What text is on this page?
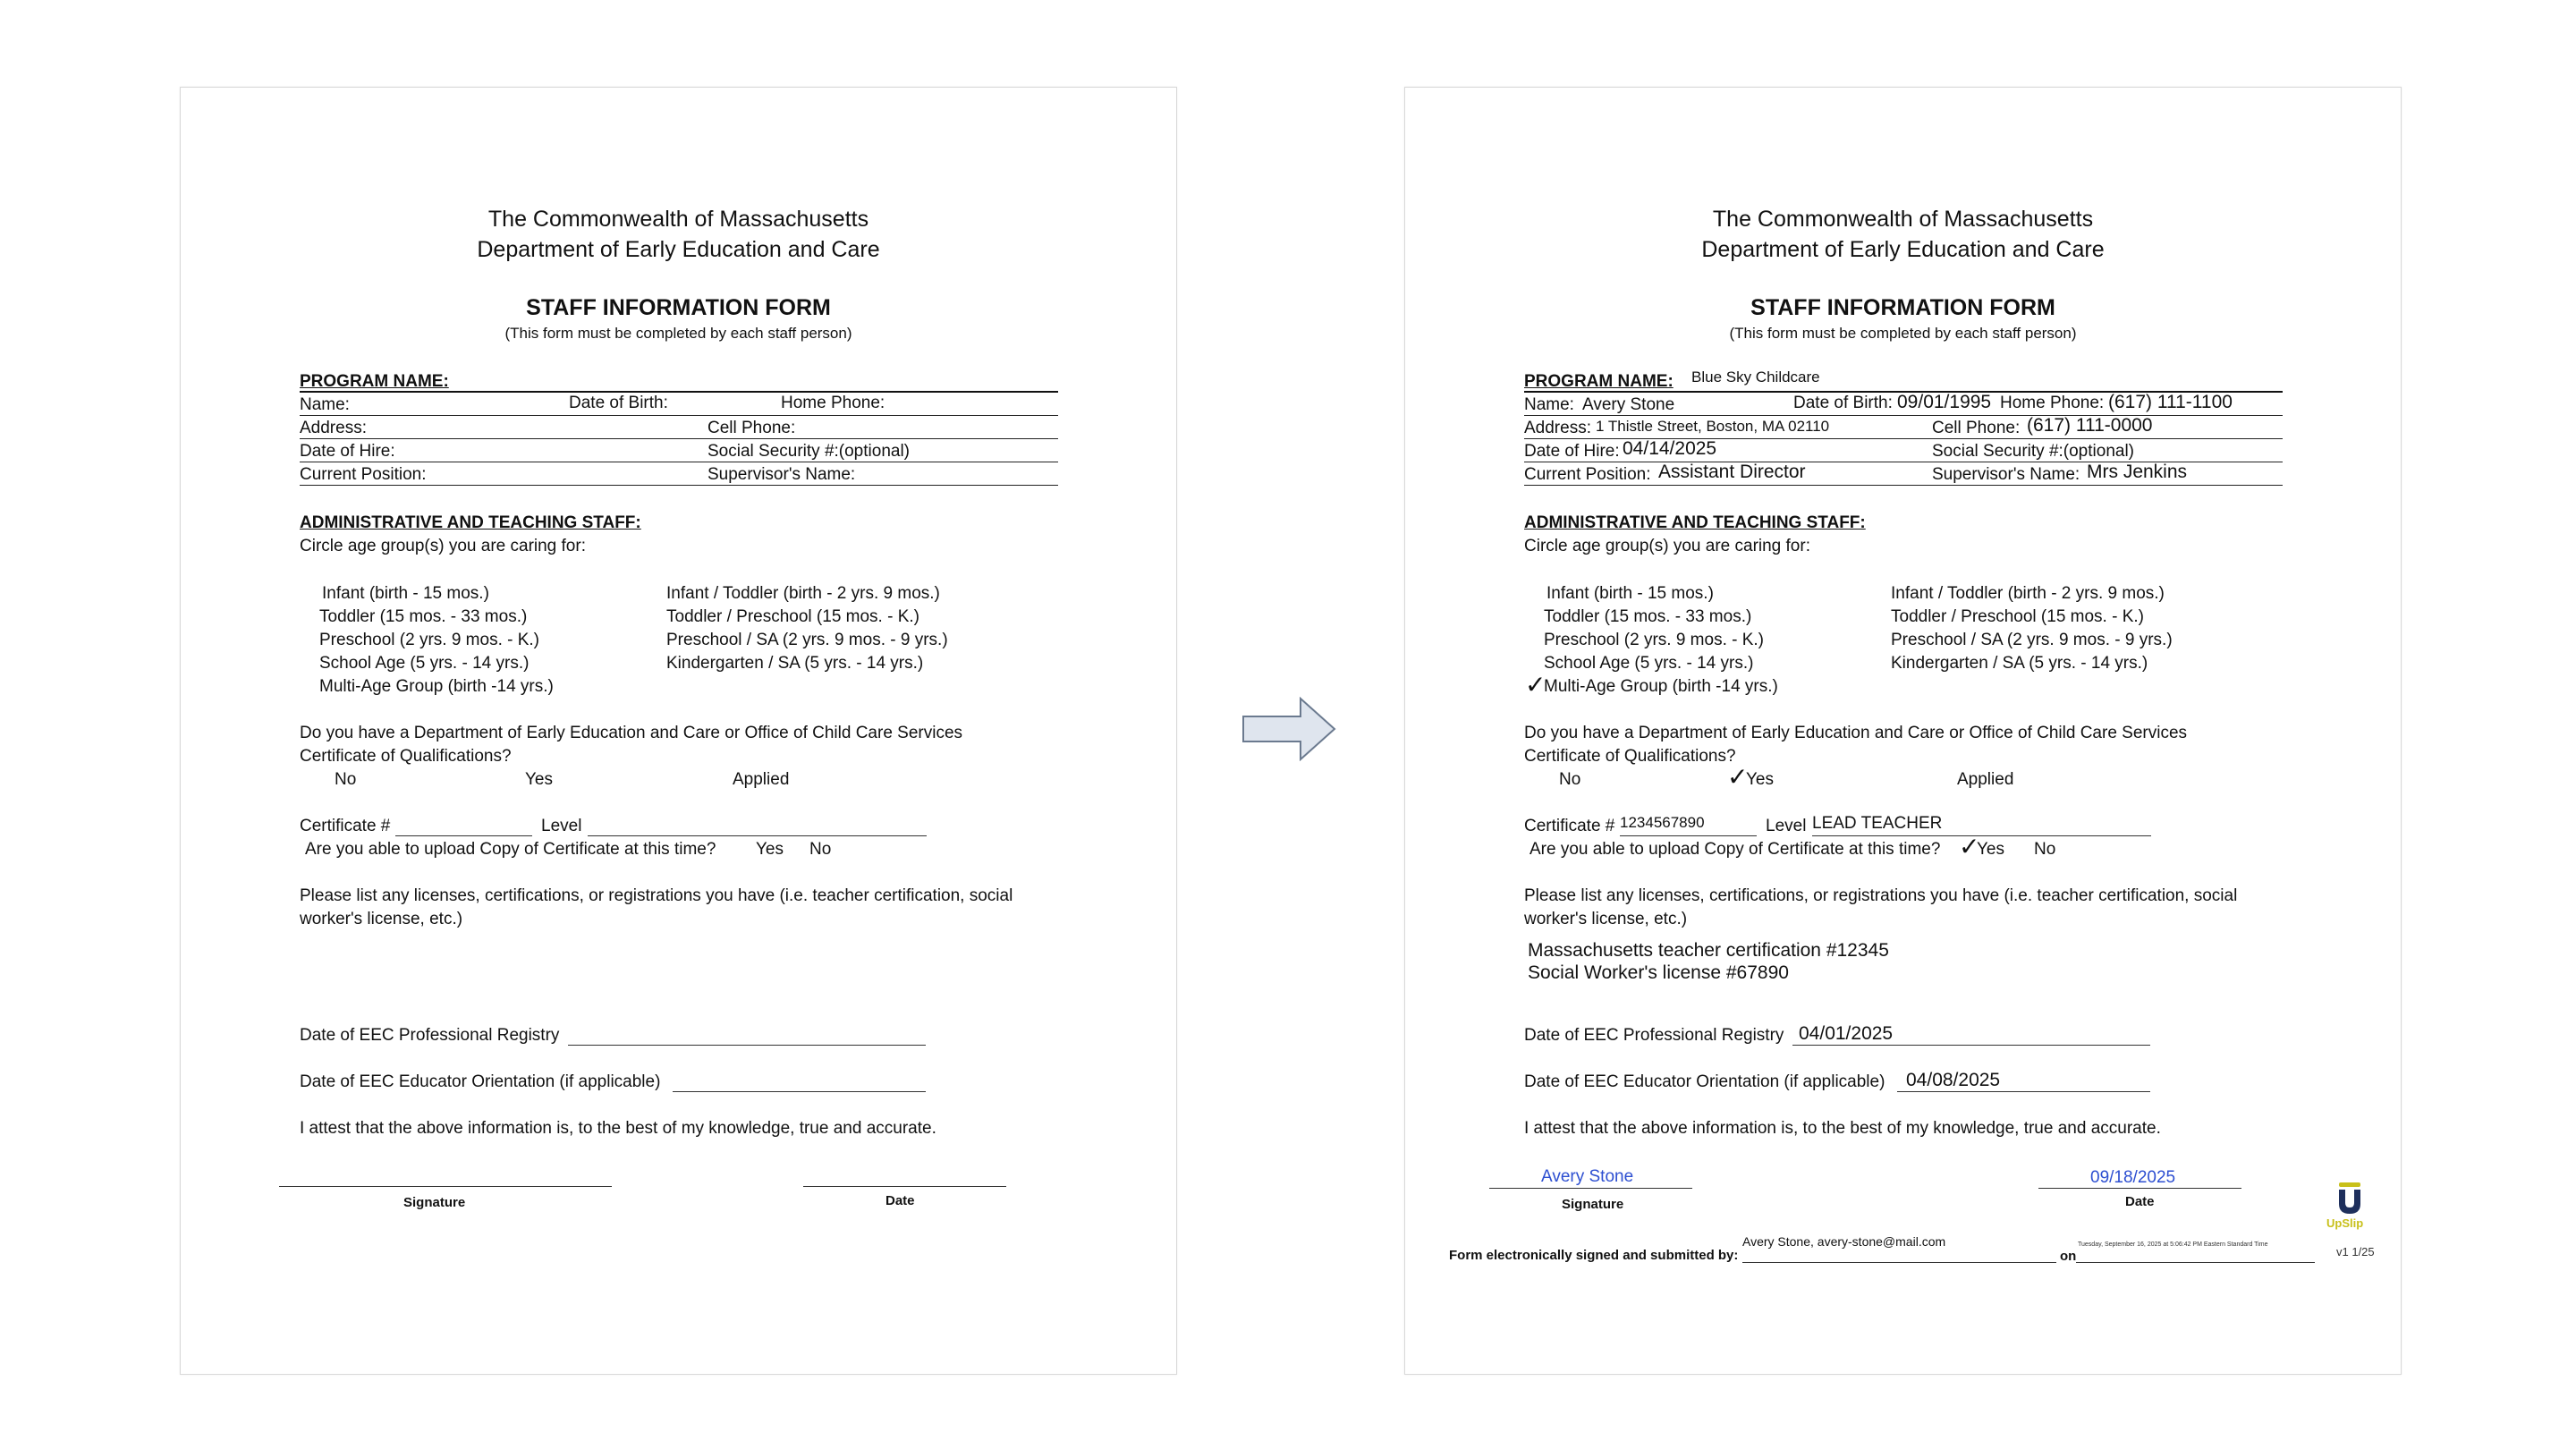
The Commonwealth of Massachusetts
Department of Early Education and Care
STAFF INFORMATION FORM
(This form must be completed by each staff person)
PROGRAM NAME:
Name:	Date of Birth:	Home Phone:
Address:	Cell Phone:
Date of Hire:	Social Security #:(optional)
Current Position:	Supervisor's Name:
ADMINISTRATIVE AND TEACHING STAFF:
Circle age group(s) you are caring for:
Infant (birth - 15 mos.)
Toddler (15 mos. - 33 mos.)
Preschool (2 yrs. 9 mos. - K.)
School Age (5 yrs. - 14 yrs.)
Multi-Age Group (birth -14 yrs.)
Infant / Toddler (birth - 2 yrs. 9 mos.)
Toddler / Preschool (15 mos. - K.)
Preschool / SA (2 yrs. 9 mos. - 9 yrs.)
Kindergarten / SA (5 yrs. - 14 yrs.)
Do you have a Department of Early Education and Care or Office of Child Care Services
Certificate of Qualifications?
No	Yes	Applied
Certificate #	Level
Are you able to upload Copy of Certificate at this time? Yes No
Please list any licenses, certifications, or registrations you have (i.e. teacher certification, social
worker's license, etc.)
Date of EEC Professional Registry
Date of EEC Educator Orientation (if applicable)
I attest that the above information is, to the best of my knowledge, true and accurate.
Signature	Date
The Commonwealth of Massachusetts
Department of Early Education and Care
STAFF INFORMATION FORM
(This form must be completed by each staff person)
PROGRAM NAME: Blue Sky Childcare
Name: Avery Stone	Date of Birth: 09/01/1995 Home Phone: (617) 111-1100
Address: 1 Thistle Street, Boston, MA 02110	Cell Phone: (617) 111-0000
Date of Hire: 04/14/2025	Social Security #:(optional)
Current Position: Assistant Director	Supervisor's Name: Mrs Jenkins
ADMINISTRATIVE AND TEACHING STAFF:
Circle age group(s) you are caring for:
Infant (birth - 15 mos.)
Toddler (15 mos. - 33 mos.)
Preschool (2 yrs. 9 mos. - K.)
School Age (5 yrs. - 14 yrs.)
✓
Multi-Age Group (birth -14 yrs.)
Infant / Toddler (birth - 2 yrs. 9 mos.)
Toddler / Preschool (15 mos. - K.)
Preschool / SA (2 yrs. 9 mos. - 9 yrs.)
Kindergarten / SA (5 yrs. - 14 yrs.)
Do you have a Department of Early Education and Care or Office of Child Care Services
Certificate of Qualifications?
No	✓
Yes	Applied
Certificate # 1234567890	Level LEAD TEACHER
Are you able to upload Copy of Certificate at this time? ✓
Yes No
Please list any licenses, certifications, or registrations you have (i.e. teacher certification, social
worker's license, etc.)
Massachusetts teacher certification #12345
Social Worker's license #67890
Date of EEC Professional Registry 04/01/2025
Date of EEC Educator Orientation (if applicable) 04/08/2025
I attest that the above information is, to the best of my knowledge, true and accurate.
Avery Stone
Signature
09/18/2025
Date
Form electronically signed and submitted by:
Avery Stone, avery-stone@mail.com
on
Tuesday, September 16, 2025 at 5:06:42 PM Eastern Standard Time
UpSlip
v1 1/25
